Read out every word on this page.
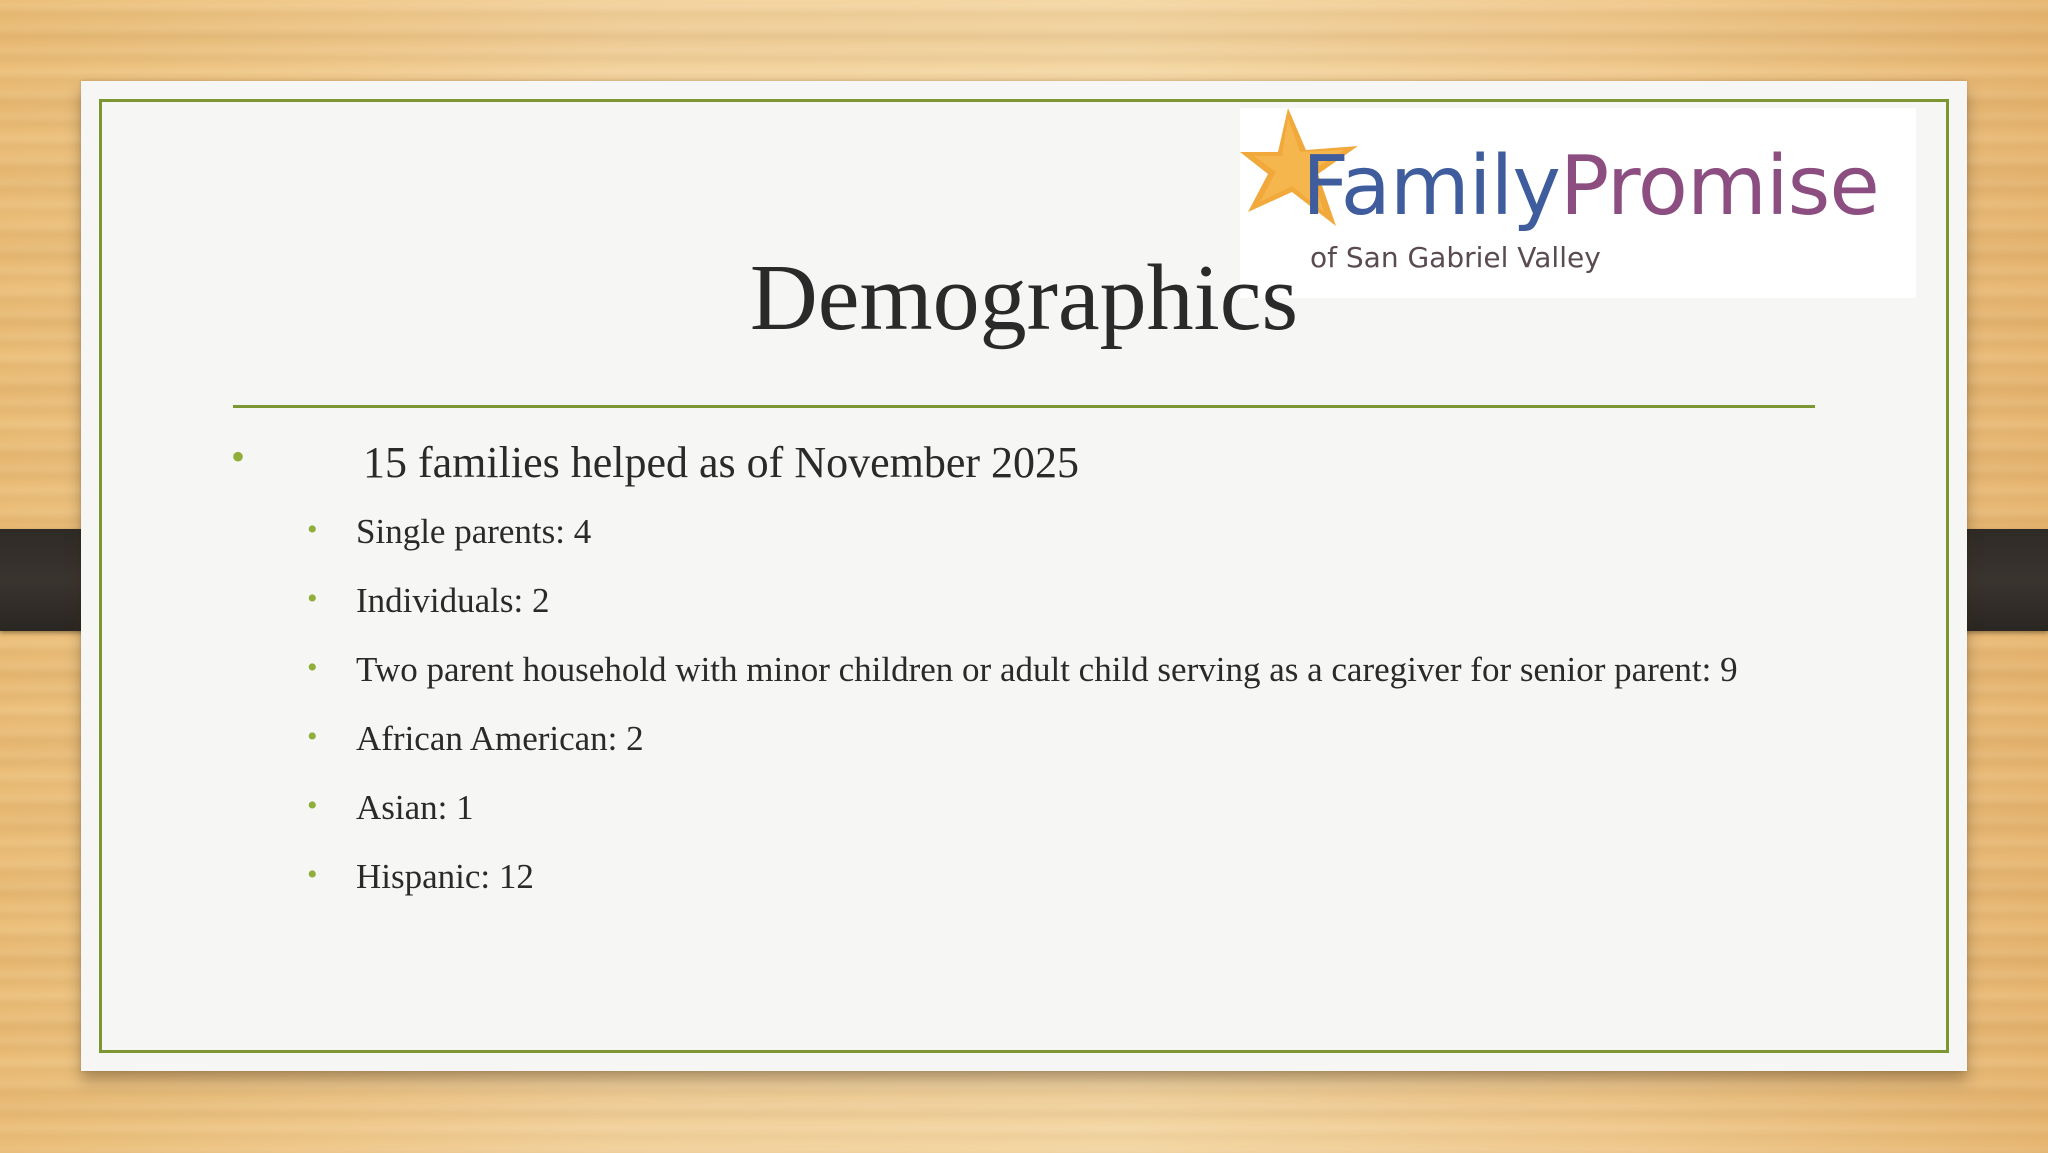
FamilyPromise
of San Gabriel Valley
Demographics
•	15 families helped as of November 2025
• Single parents: 4
• Individuals: 2
• Two parent household with minor children or adult child serving as a caregiver for senior parent: 9
• African American: 2
• Asian: 1
• Hispanic: 12
